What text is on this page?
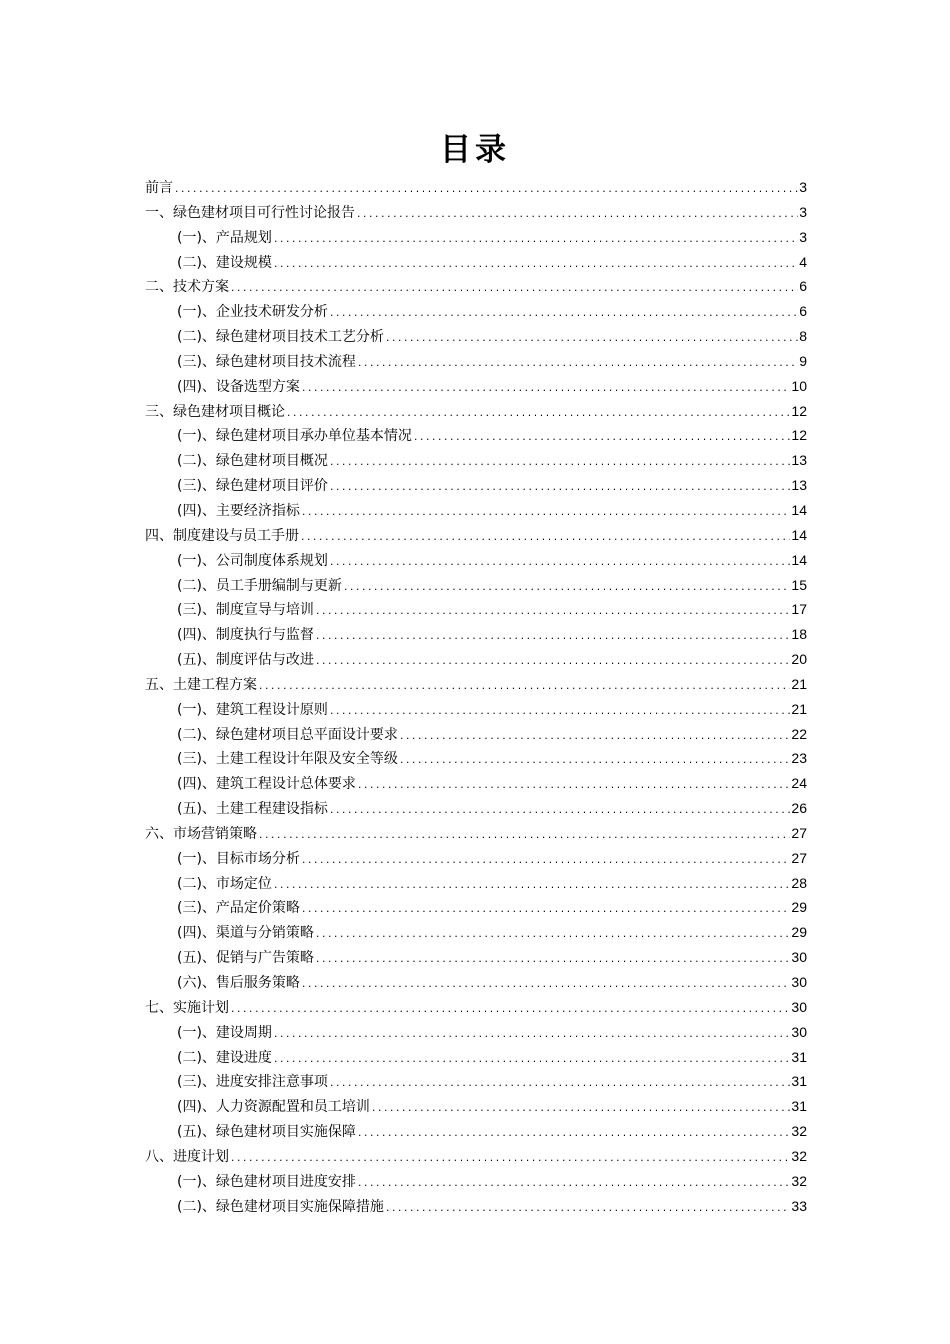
目录
前言 .....	3
一、绿色建材项目可行性讨论报告 .....	3
(一)、产品规划 .....	3
(二)、建设规模 .....	4
二、技术方案 .....	6
(一)、企业技术研发分析 .....	6
(二)、绿色建材项目技术工艺分析 .....	8
(三)、绿色建材项目技术流程 .....	9
(四)、设备选型方案 .....	10
三、绿色建材项目概论 .....	12
(一)、绿色建材项目承办单位基本情况 .....	12
(二)、绿色建材项目概况 .....	13
(三)、绿色建材项目评价 .....	13
(四)、主要经济指标 .....	14
四、制度建设与员工手册 .....	14
(一)、公司制度体系规划 .....	14
(二)、员工手册编制与更新 .....	15
(三)、制度宣导与培训 .....	17
(四)、制度执行与监督 .....	18
(五)、制度评估与改进 .....	20
五、土建工程方案 .....	21
(一)、建筑工程设计原则 .....	21
(二)、绿色建材项目总平面设计要求 .....	22
(三)、土建工程设计年限及安全等级 .....	23
(四)、建筑工程设计总体要求 .....	24
(五)、土建工程建设指标 .....	26
六、市场营销策略 .....	27
(一)、目标市场分析 .....	27
(二)、市场定位 .....	28
(三)、产品定价策略 .....	29
(四)、渠道与分销策略 .....	29
(五)、促销与广告策略 .....	30
(六)、售后服务策略 .....	30
七、实施计划 .....	30
(一)、建设周期 .....	30
(二)、建设进度 .....	31
(三)、进度安排注意事项 .....	31
(四)、人力资源配置和员工培训 .....	31
(五)、绿色建材项目实施保障 .....	32
八、进度计划 .....	32
(一)、绿色建材项目进度安排 .....	32
(二)、绿色建材项目实施保障措施 .....	33
